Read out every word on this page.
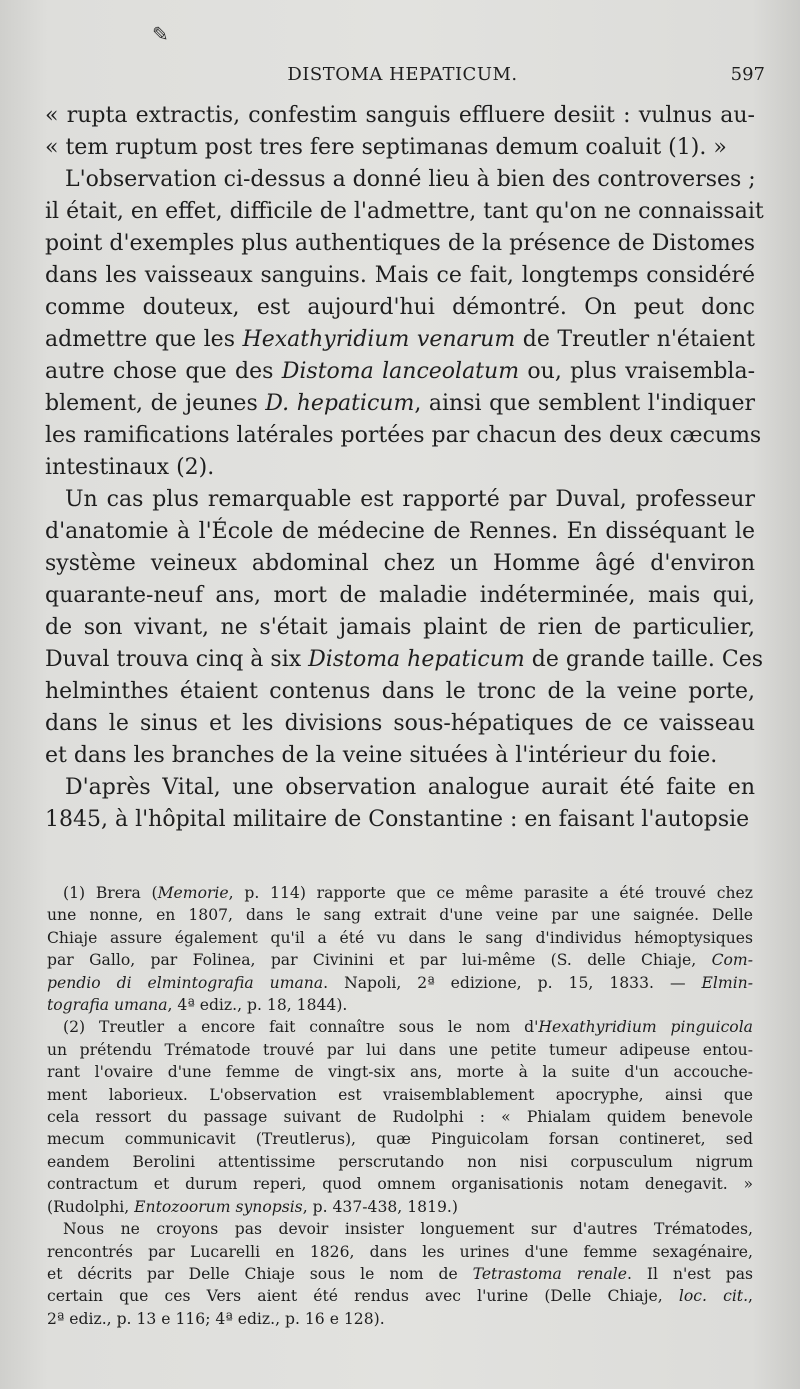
✎
DISTOMA HEPATICUM.	597
« rupta extractis, confestim sanguis effluere desiit : vulnus au-
« tem ruptum post tres fere septimanas demum coaluit (1). »
L'observation ci-dessus a donné lieu à bien des controverses ;
il était, en effet, difficile de l'admettre, tant qu'on ne connaissait
point d'exemples plus authentiques de la présence de Distomes
dans les vaisseaux sanguins. Mais ce fait, longtemps considéré
comme douteux, est aujourd'hui démontré. On peut donc
admettre que les Hexathyridium venarum de Treutler n'étaient
autre chose que des Distoma lanceolatum ou, plus vraisembla-
blement, de jeunes D. hepaticum, ainsi que semblent l'indiquer
les ramifications latérales portées par chacun des deux cæcums
intestinaux (2).
Un cas plus remarquable est rapporté par Duval, professeur
d'anatomie à l'École de médecine de Rennes. En disséquant le
système veineux abdominal chez un Homme âgé d'environ
quarante-neuf ans, mort de maladie indéterminée, mais qui,
de son vivant, ne s'était jamais plaint de rien de particulier,
Duval trouva cinq à six Distoma hepaticum de grande taille. Ces
helminthes étaient contenus dans le tronc de la veine porte,
dans le sinus et les divisions sous-hépatiques de ce vaisseau
et dans les branches de la veine situées à l'intérieur du foie.
D'après Vital, une observation analogue aurait été faite en
1845, à l'hôpital militaire de Constantine : en faisant l'autopsie
(1) Brera (Memorie, p. 114) rapporte que ce même parasite a été trouvé chez
une nonne, en 1807, dans le sang extrait d'une veine par une saignée. Delle
Chiaje assure également qu'il a été vu dans le sang d'individus hémoptysiques
par Gallo, par Folinea, par Civinini et par lui-même (S. delle Chiaje, Com-
pendio di elmintografia umana. Napoli, 2ª edizione, p. 15, 1833. — Elmin-
tografia umana, 4ª ediz., p. 18, 1844).
(2) Treutler a encore fait connaître sous le nom d'Hexathyridium pinguicola
un prétendu Trématode trouvé par lui dans une petite tumeur adipeuse entou-
rant l'ovaire d'une femme de vingt-six ans, morte à la suite d'un accouche-
ment laborieux. L'observation est vraisemblablement apocryphe, ainsi que
cela ressort du passage suivant de Rudolphi : « Phialam quidem benevole
mecum communicavit (Treutlerus), quæ Pinguicolam forsan contineret, sed
eandem Berolini attentissime perscrutando non nisi corpusculum nigrum
contractum et durum reperi, quod omnem organisationis notam denegavit. »
(Rudolphi, Entozoorum synopsis, p. 437-438, 1819.)
Nous ne croyons pas devoir insister longuement sur d'autres Trématodes,
rencontrés par Lucarelli en 1826, dans les urines d'une femme sexagénaire,
et décrits par Delle Chiaje sous le nom de Tetrastoma renale. Il n'est pas
certain que ces Vers aient été rendus avec l'urine (Delle Chiaje, loc. cit.,
2ª ediz., p. 13 e 116; 4ª ediz., p. 16 e 128).
